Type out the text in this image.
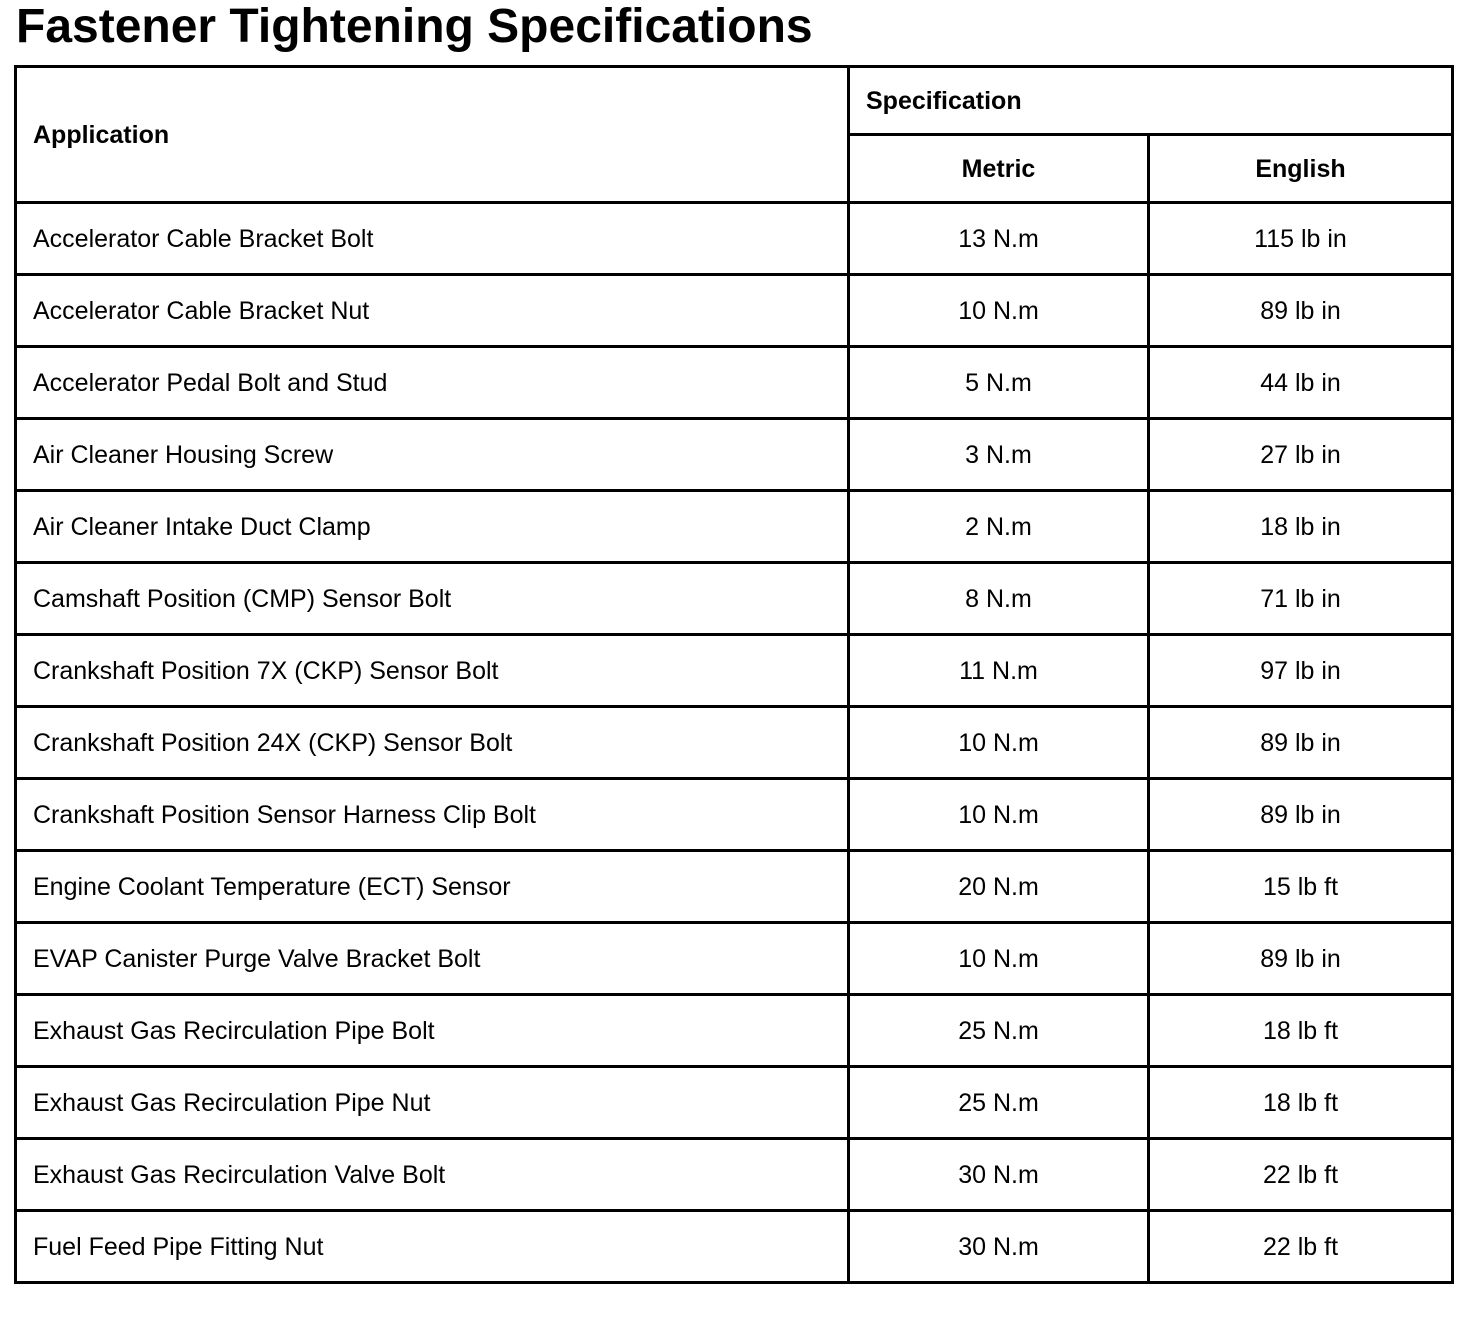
Fastener Tightening Specifications
Application	Specification	
	Metric	English
Accelerator Cable Bracket Bolt	13 N.m	115 lb in
Accelerator Cable Bracket Nut	10 N.m	89 lb in
Accelerator Pedal Bolt and Stud	5 N.m	44 lb in
Air Cleaner Housing Screw	3 N.m	27 lb in
Air Cleaner Intake Duct Clamp	2 N.m	18 lb in
Camshaft Position (CMP) Sensor Bolt	8 N.m	71 lb in
Crankshaft Position 7X (CKP) Sensor Bolt	11 N.m	97 lb in
Crankshaft Position 24X (CKP) Sensor Bolt	10 N.m	89 lb in
Crankshaft Position Sensor Harness Clip Bolt	10 N.m	89 lb in
Engine Coolant Temperature (ECT) Sensor	20 N.m	15 lb ft
EVAP Canister Purge Valve Bracket Bolt	10 N.m	89 lb in
Exhaust Gas Recirculation Pipe Bolt	25 N.m	18 lb ft
Exhaust Gas Recirculation Pipe Nut	25 N.m	18 lb ft
Exhaust Gas Recirculation Valve Bolt	30 N.m	22 lb ft
Fuel Feed Pipe Fitting Nut	30 N.m	22 lb ft
